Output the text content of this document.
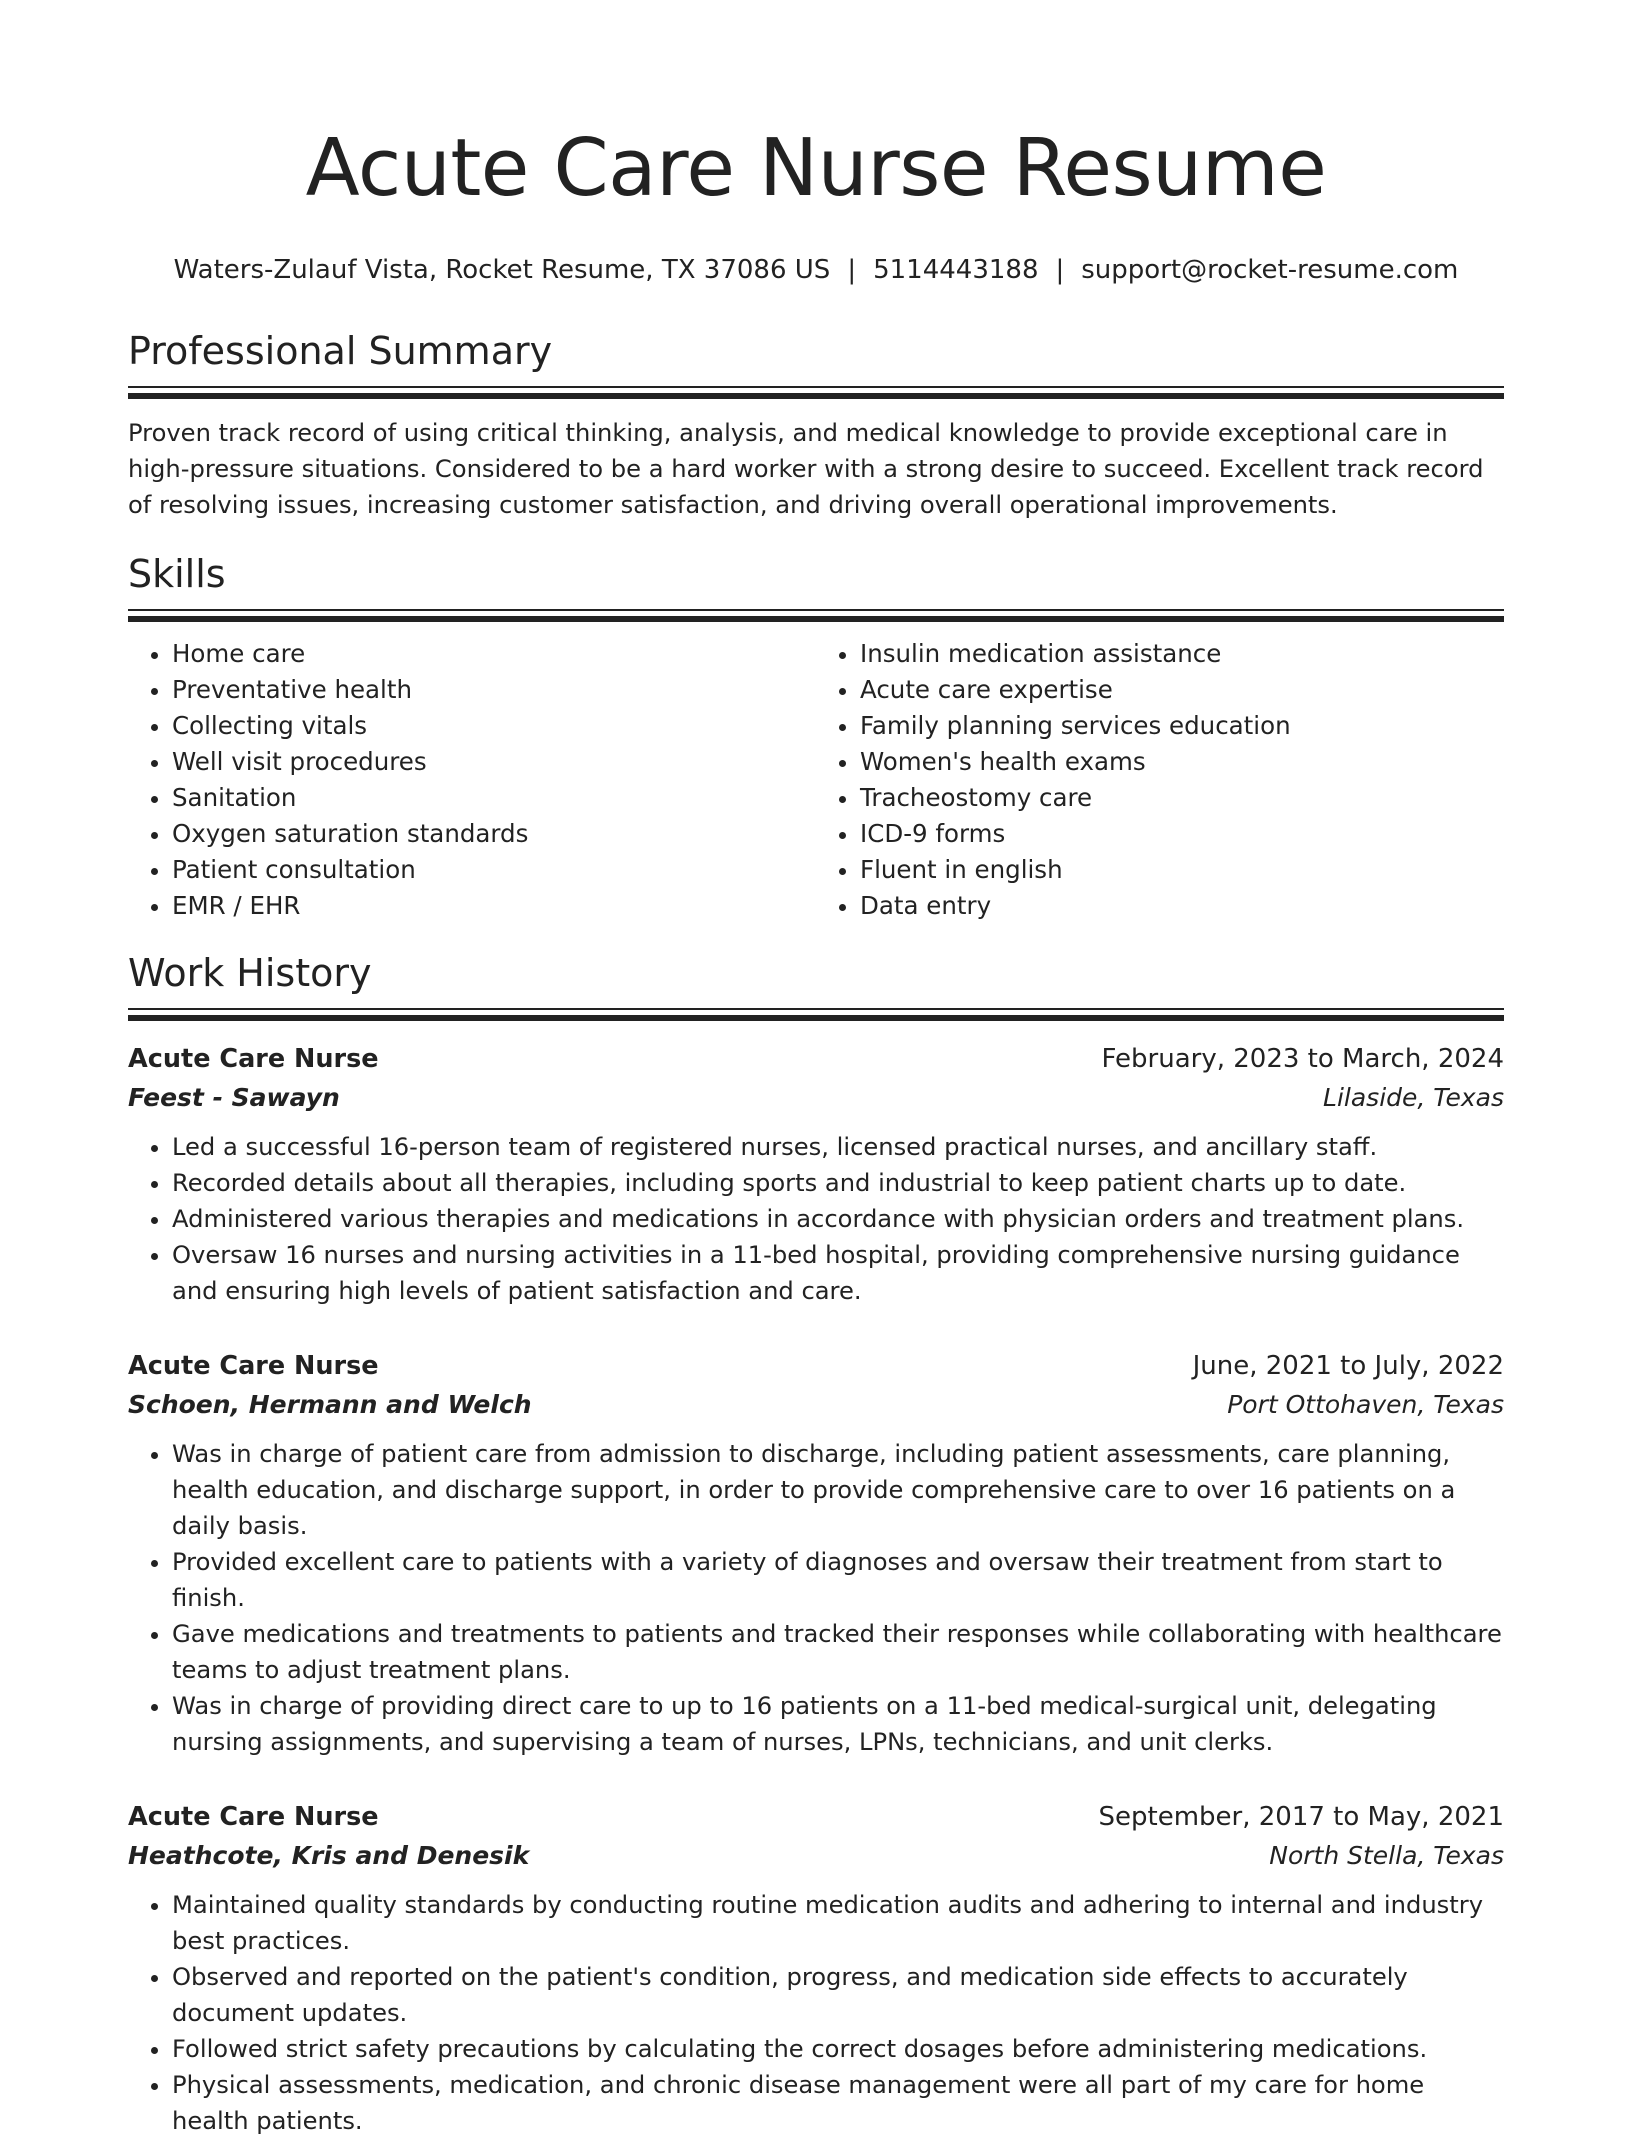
Acute Care Nurse Resume
Waters-Zulauf Vista, Rocket Resume, TX 37086 US | 5114443188 | support@rocket-resume.com
Professional Summary

Proven track record of using critical thinking, analysis, and medical knowledge to provide exceptional care in high-pressure situations. Considered to be a hard worker with a strong desire to succeed. Excellent track record of resolving issues, increasing customer satisfaction, and driving overall operational improvements.

Skills
• Home care
• Preventative health
• Collecting vitals
• Well visit procedures
• Sanitation
• Oxygen saturation standards
• Patient consultation
• EMR / EHR
• Insulin medication assistance
• Acute care expertise
• Family planning services education
• Women's health exams
• Tracheostomy care
• ICD-9 forms
• Fluent in english
• Data entry
Work History
Acute Care Nurse	February, 2023 to March, 2024
Feest - Sawayn	Lilaside, Texas
• Led a successful 16-person team of registered nurses, licensed practical nurses, and ancillary staff.
• Recorded details about all therapies, including sports and industrial to keep patient charts up to date.
• Administered various therapies and medications in accordance with physician orders and treatment plans.
• Oversaw 16 nurses and nursing activities in a 11-bed hospital, providing comprehensive nursing guidance and ensuring high levels of patient satisfaction and care.
Acute Care Nurse	June, 2021 to July, 2022
Schoen, Hermann and Welch	Port Ottohaven, Texas
• Was in charge of patient care from admission to discharge, including patient assessments, care planning, health education, and discharge support, in order to provide comprehensive care to over 16 patients on a daily basis.
• Provided excellent care to patients with a variety of diagnoses and oversaw their treatment from start to finish.
• Gave medications and treatments to patients and tracked their responses while collaborating with healthcare teams to adjust treatment plans.
• Was in charge of providing direct care to up to 16 patients on a 11-bed medical-surgical unit, delegating nursing assignments, and supervising a team of nurses, LPNs, technicians, and unit clerks.
Acute Care Nurse	September, 2017 to May, 2021
Heathcote, Kris and Denesik	North Stella, Texas
• Maintained quality standards by conducting routine medication audits and adhering to internal and industry best practices.
• Observed and reported on the patient's condition, progress, and medication side effects to accurately document updates.
• Followed strict safety precautions by calculating the correct dosages before administering medications.
• Physical assessments, medication, and chronic disease management were all part of my care for home health patients.
